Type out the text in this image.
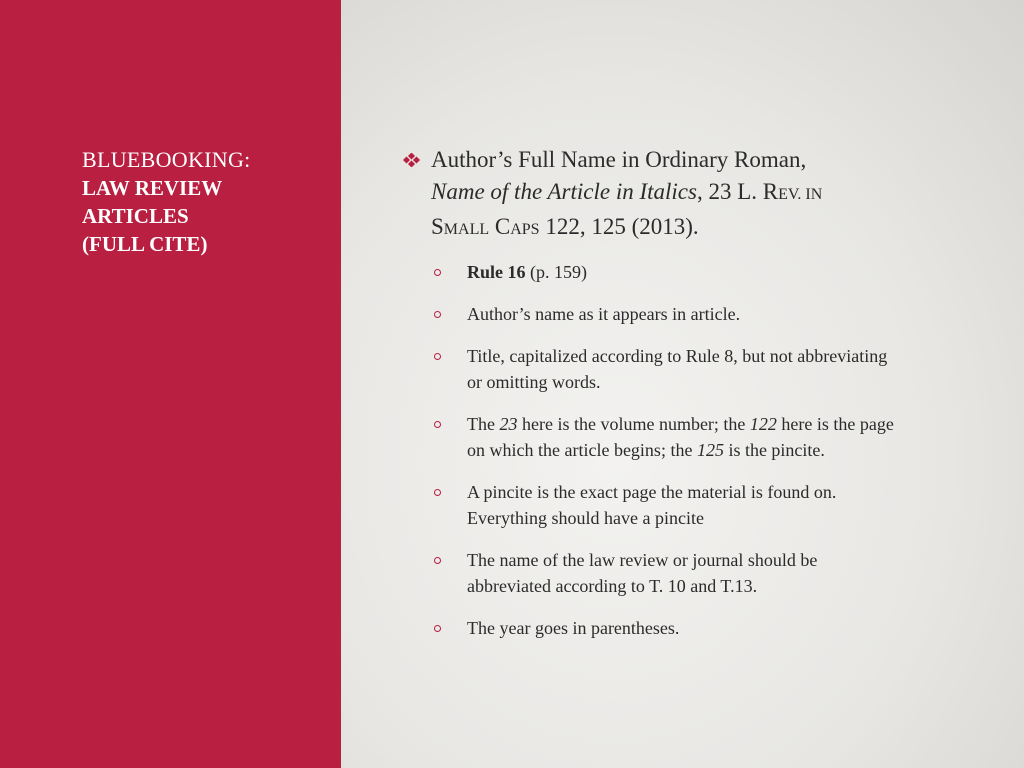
BLUEBOOKING:
LAW REVIEW
ARTICLES
(FULL CITE)
Author’s Full Name in Ordinary Roman,
Name of the Article in Italics, 23 L. REV. IN
SMALL CAPS 122, 125 (2013).
Rule 16 (p. 159)
Author’s name as it appears in article.
Title, capitalized according to Rule 8, but not abbreviating or omitting words.
The 23 here is the volume number; the 122 here is the page on which the article begins; the 125 is the pincite.
A pincite is the exact page the material is found on. Everything should have a pincite
The name of the law review or journal should be abbreviated according to T. 10 and T.13.
The year goes in parentheses.
